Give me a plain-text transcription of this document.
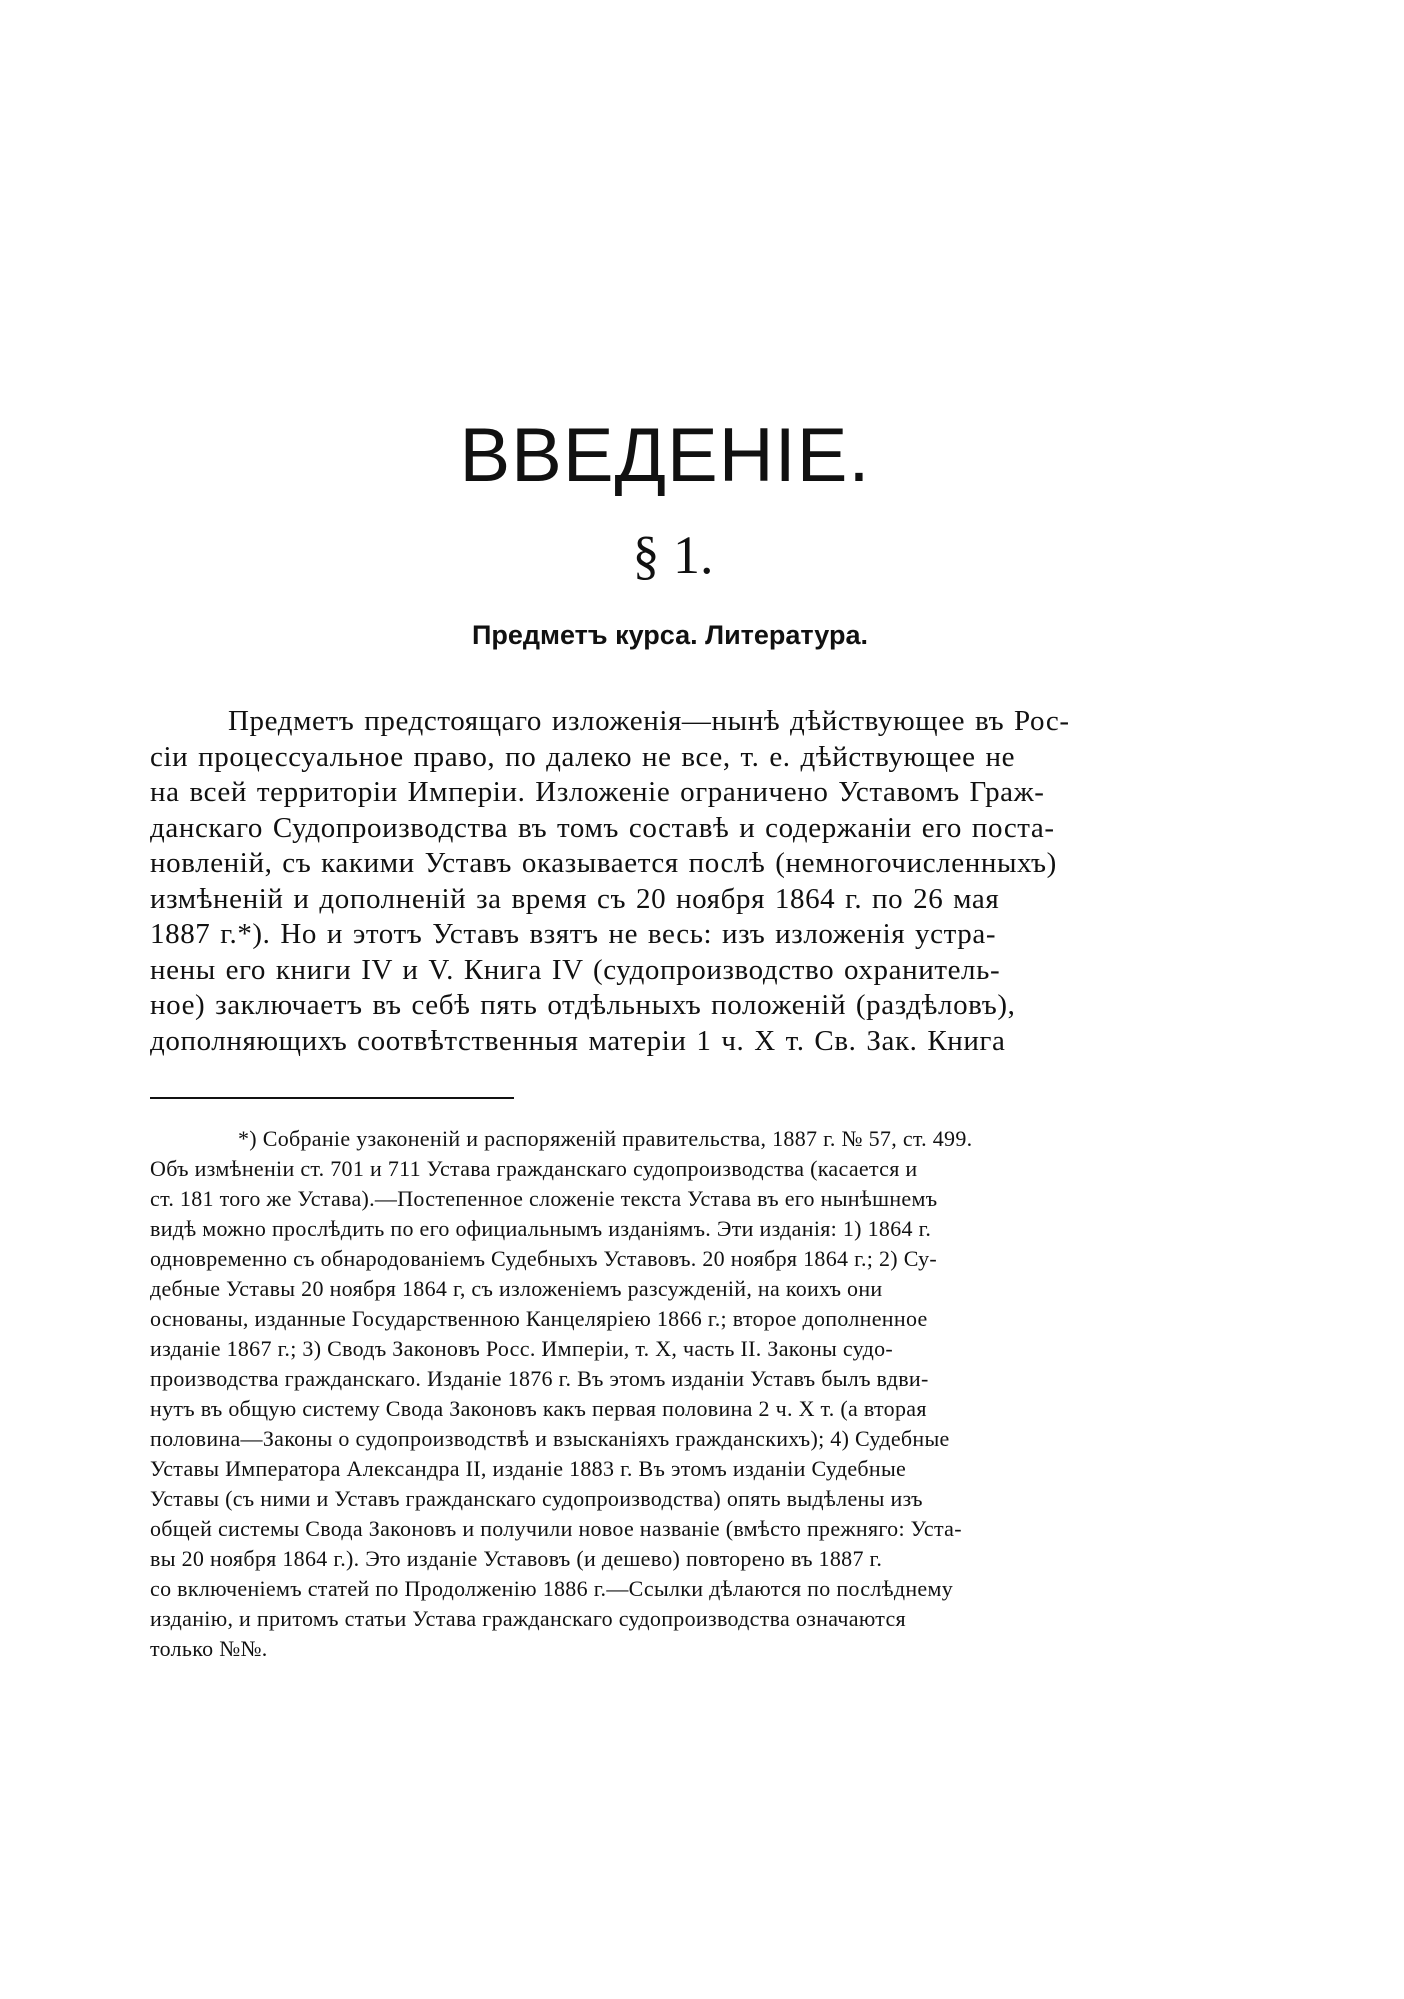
ВВЕДЕНІЕ.
§ 1.
Предметъ курса. Литература.
Предметъ предстоящаго изложенія—нынѣ дѣйствующее въ Рос-
сіи процессуальное право, по далеко не все, т. е. дѣйствующее не
на всей территоріи Имперіи. Изложеніе ограничено Уставомъ Граж-
данскаго Судопроизводства въ томъ составѣ и содержаніи его поста-
новленій, съ какими Уставъ оказывается послѣ (немногочисленныхъ)
измѣненій и дополненій за время съ 20 ноября 1864 г. по 26 мая
1887 г.*). Но и этотъ Уставъ взятъ не весь: изъ изложенія устра-
нены его книги IV и V. Книга IV (судопроизводство охранитель-
ное) заключаетъ въ себѣ пять отдѣльныхъ положеній (раздѣловъ),
дополняющихъ соотвѣтственныя матеріи 1 ч. X т. Св. Зак. Книга
*) Собраніе узаконеній и распоряженій правительства, 1887 г. № 57, ст. 499.
Объ измѣненіи ст. 701 и 711 Устава гражданскаго судопроизводства (касается и
ст. 181 того же Устава).—Постепенное сложеніе текста Устава въ его нынѣшнемъ
видѣ можно прослѣдить по его официальнымъ изданіямъ. Эти изданія: 1) 1864 г.
одновременно съ обнародованіемъ Судебныхъ Уставовъ. 20 ноября 1864 г.; 2) Су-
дебные Уставы 20 ноября 1864 г, съ изложеніемъ разсужденій, на коихъ они
основаны, изданные Государственною Канцеляріею 1866 г.; второе дополненное
изданіе 1867 г.; 3) Сводъ Законовъ Росс. Имперіи, т. X, часть II. Законы судо-
производства гражданскаго. Изданіе 1876 г. Въ этомъ изданіи Уставъ былъ вдви-
нутъ въ общую систему Свода Законовъ какъ первая половина 2 ч. X т. (а вторая
половина—Законы о судопроизводствѣ и взысканіяхъ гражданскихъ); 4) Судебные
Уставы Императора Александра II, изданіе 1883 г. Въ этомъ изданіи Судебные
Уставы (съ ними и Уставъ гражданскаго судопроизводства) опять выдѣлены изъ
общей системы Свода Законовъ и получили новое названіе (вмѣсто прежняго: Уста-
вы 20 ноября 1864 г.). Это изданіе Уставовъ (и дешево) повторено въ 1887 г.
со включеніемъ статей по Продолженію 1886 г.—Ссылки дѣлаются по послѣднему
изданію, и притомъ статьи Устава гражданскаго судопроизводства означаются
только №№.
